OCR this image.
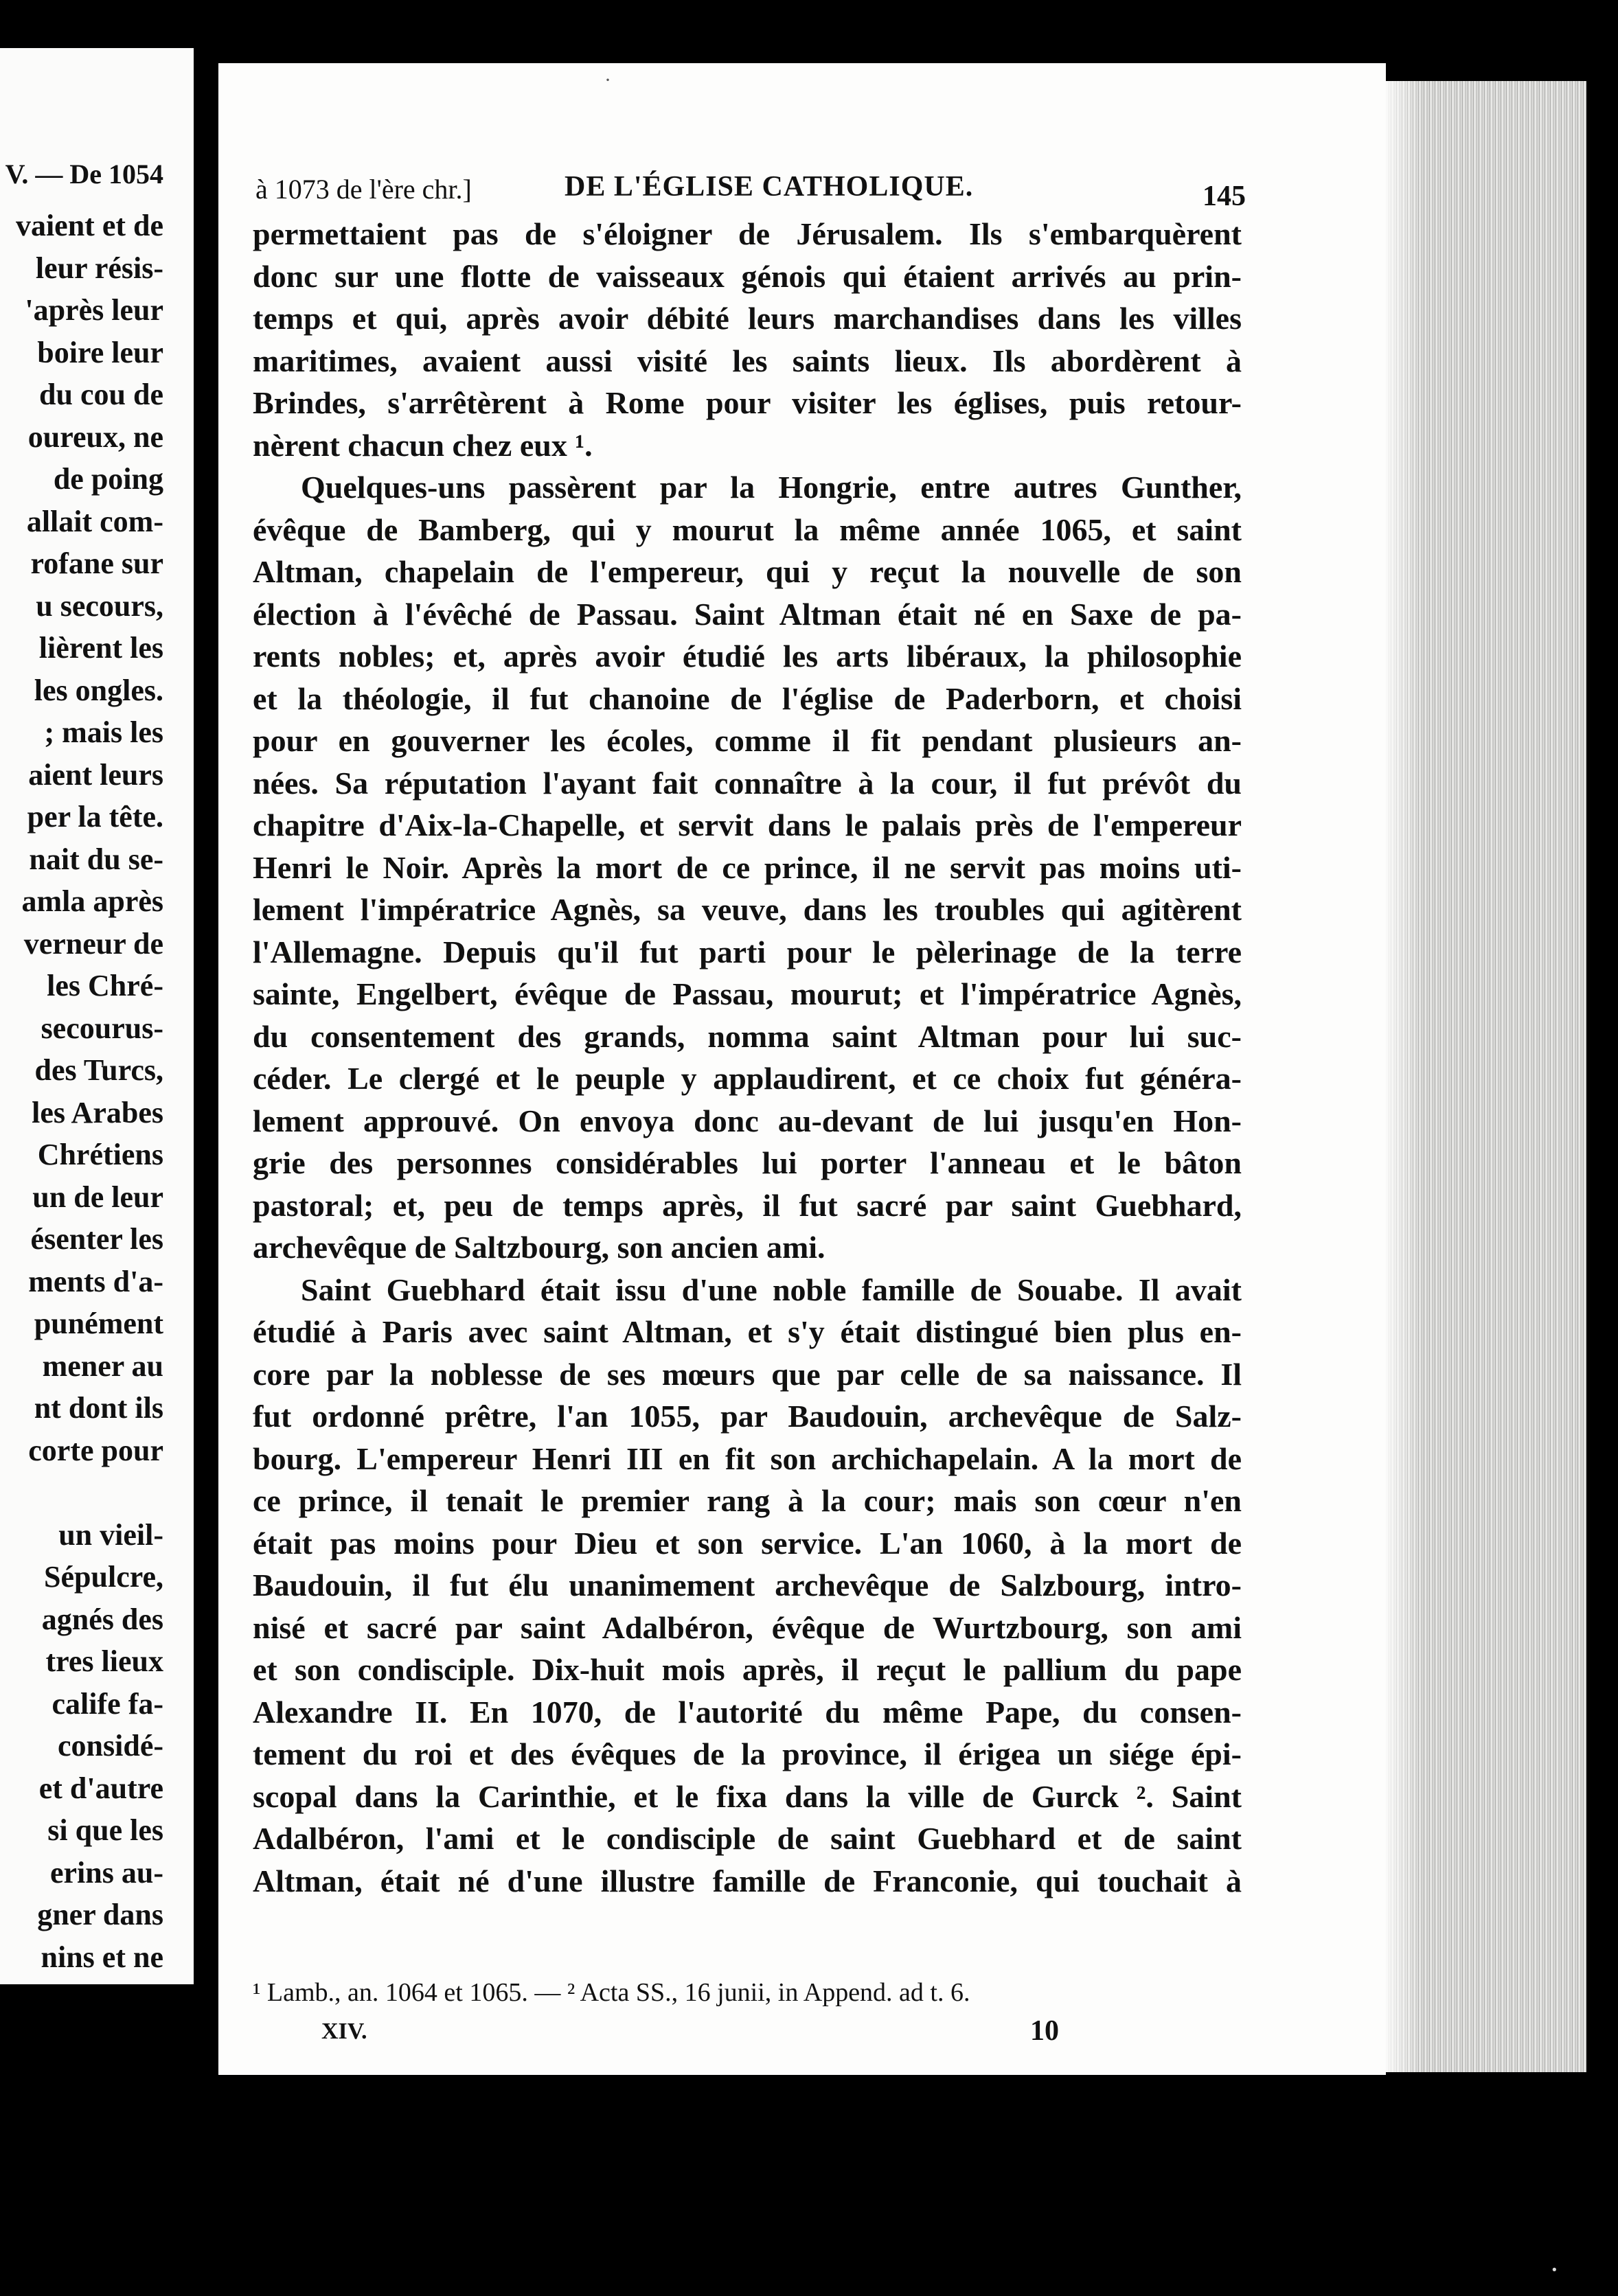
V. — De 1054
vaient et de
leur résis-
'après leur
boire leur
du cou de
oureux, ne
de poing
allait com-
rofane sur
u secours,
lièrent les
les ongles.
; mais les
aient leurs
per la tête.
nait du se-
amla après
verneur de
les Chré-
secourus-
des Turcs,
les Arabes
Chrétiens
un de leur
ésenter les
ments d'a-
punément
mener au
nt dont ils
corte pour

un vieil-
Sépulcre,
agnés des
tres lieux
calife fa-
considé-
et d'autre
si que les
erins au-
gner dans
nins et ne
·
à 1073 de l'ère chr.]	DE L'ÉGLISE CATHOLIQUE.	145
permettaient pas de s'éloigner de Jérusalem. Ils s'embarquèrent
donc sur une flotte de vaisseaux génois qui étaient arrivés au prin-
temps et qui, après avoir débité leurs marchandises dans les villes
maritimes, avaient aussi visité les saints lieux. Ils abordèrent à
Brindes, s'arrêtèrent à Rome pour visiter les églises, puis retour-
nèrent chacun chez eux ¹.
Quelques-uns passèrent par la Hongrie, entre autres Gunther,
évêque de Bamberg, qui y mourut la même année 1065, et saint
Altman, chapelain de l'empereur, qui y reçut la nouvelle de son
élection à l'évêché de Passau. Saint Altman était né en Saxe de pa-
rents nobles; et, après avoir étudié les arts libéraux, la philosophie
et la théologie, il fut chanoine de l'église de Paderborn, et choisi
pour en gouverner les écoles, comme il fit pendant plusieurs an-
nées. Sa réputation l'ayant fait connaître à la cour, il fut prévôt du
chapitre d'Aix-la-Chapelle, et servit dans le palais près de l'empereur
Henri le Noir. Après la mort de ce prince, il ne servit pas moins uti-
lement l'impératrice Agnès, sa veuve, dans les troubles qui agitèrent
l'Allemagne. Depuis qu'il fut parti pour le pèlerinage de la terre
sainte, Engelbert, évêque de Passau, mourut; et l'impératrice Agnès,
du consentement des grands, nomma saint Altman pour lui suc-
céder. Le clergé et le peuple y applaudirent, et ce choix fut généra-
lement approuvé. On envoya donc au-devant de lui jusqu'en Hon-
grie des personnes considérables lui porter l'anneau et le bâton
pastoral; et, peu de temps après, il fut sacré par saint Guebhard,
archevêque de Saltzbourg, son ancien ami.
Saint Guebhard était issu d'une noble famille de Souabe. Il avait
étudié à Paris avec saint Altman, et s'y était distingué bien plus en-
core par la noblesse de ses mœurs que par celle de sa naissance. Il
fut ordonné prêtre, l'an 1055, par Baudouin, archevêque de Salz-
bourg. L'empereur Henri III en fit son archichapelain. A la mort de
ce prince, il tenait le premier rang à la cour; mais son cœur n'en
était pas moins pour Dieu et son service. L'an 1060, à la mort de
Baudouin, il fut élu unanimement archevêque de Salzbourg, intro-
nisé et sacré par saint Adalbéron, évêque de Wurtzbourg, son ami
et son condisciple. Dix-huit mois après, il reçut le pallium du pape
Alexandre II. En 1070, de l'autorité du même Pape, du consen-
tement du roi et des évêques de la province, il érigea un siége épi-
scopal dans la Carinthie, et le fixa dans la ville de Gurck ². Saint
Adalbéron, l'ami et le condisciple de saint Guebhard et de saint
Altman, était né d'une illustre famille de Franconie, qui touchait à
¹ Lamb., an. 1064 et 1065. — ² Acta SS., 16 junii, in Append. ad t. 6.
XIV.	10
·
